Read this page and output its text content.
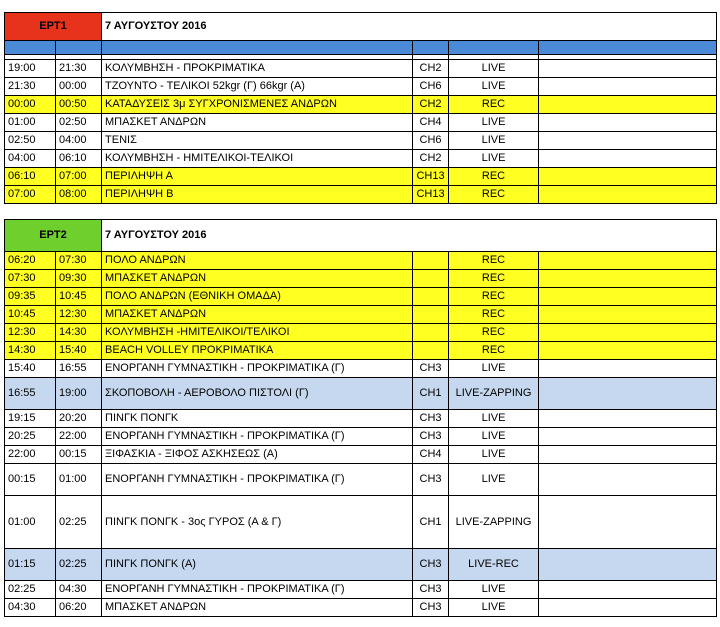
ΕΡΤ1		7 ΑΥΓΟΥΣΤΟΥ 2016			

19:00	21:30	ΚΟΛΥΜΒΗΣΗ - ΠΡΟΚΡΙΜΑΤΙΚΑ	CH2	LIVE	
21:30	00:00	ΤΖΟΥΝΤΟ - ΤΕΛΙΚΟΙ 52kgr (Γ) 66kgr (A)	CH6	LIVE	
00:00	00:50	ΚΑΤΑΔΥΣΕΙΣ 3μ ΣΥΓΧΡΟΝΙΣΜΕΝΕΣ ΑΝΔΡΩΝ	CH2	REC	
01:00	02:50	ΜΠΑΣΚΕΤ ΑΝΔΡΩΝ	CH4	LIVE	
02:50	04:00	ΤΕΝΙΣ	CH6	LIVE	
04:00	06:10	ΚΟΛΥΜΒΗΣΗ - ΗΜΙΤΕΛΙΚΟΙ-ΤΕΛΙΚΟΙ	CH2	LIVE	
06:10	07:00	ΠΕΡΙΛΗΨΗ Α	CH13	REC	
07:00	08:00	ΠΕΡΙΛΗΨΗ Β	CH13	REC	
ΕΡΤ2		7 ΑΥΓΟΥΣΤΟΥ 2016			
06:20	07:30	ΠΟΛΟ ΑΝΔΡΩΝ		REC	
07:30	09:30	ΜΠΑΣΚΕΤ ΑΝΔΡΩΝ		REC	
09:35	10:45	ΠΟΛΟ ΑΝΔΡΩΝ (ΕΘΝΙΚΗ ΟΜΑΔΑ)		REC	
10:45	12:30	ΜΠΑΣΚΕΤ ΑΝΔΡΩΝ		REC	
12:30	14:30	ΚΟΛΥΜΒΗΣΗ -ΗΜΙΤΕΛΙΚΟΙ/ΤΕΛΙΚΟΙ		REC	
14:30	15:40	BEACH VOLLEY ΠΡΟΚΡΙΜΑΤΙΚΑ		REC	
15:40	16:55	ΕΝΟΡΓΑΝΗ ΓΥΜΝΑΣΤΙΚΗ - ΠΡΟΚΡΙΜΑΤΙΚΑ (Γ)	CH3	LIVE	
16:55	19:00	ΣΚΟΠΟΒΟΛΗ - ΑΕΡΟΒΟΛΟ ΠΙΣΤΟΛΙ (Γ)	CH1	LIVE-ZAPPING	
19:15	20:20	ΠΙΝΓΚ ΠΟΝΓΚ	CH3	LIVE	
20:25	22:00	ΕΝΟΡΓΑΝΗ ΓΥΜΝΑΣΤΙΚΗ - ΠΡΟΚΡΙΜΑΤΙΚΑ (Γ)	CH3	LIVE	
22:00	00:15	ΞΙΦΑΣΚΙΑ - ΞΙΦΟΣ ΑΣΚΗΣΕΩΣ (Α)	CH4	LIVE	
00:15	01:00	ΕΝΟΡΓΑΝΗ ΓΥΜΝΑΣΤΙΚΗ - ΠΡΟΚΡΙΜΑΤΙΚΑ (Γ)	CH3	LIVE	
01:00	02:25	ΠΙΝΓΚ ΠΟΝΓΚ - 3ος ΓΥΡΟΣ (Α & Γ)	CH1	LIVE-ZAPPING	
01:15	02:25	ΠΙΝΓΚ ΠΟΝΓΚ (Α)	CH3	LIVE-REC	
02:25	04:30	ΕΝΟΡΓΑΝΗ ΓΥΜΝΑΣΤΙΚΗ - ΠΡΟΚΡΙΜΑΤΙΚΑ (Γ)	CH3	LIVE	
04:30	06:20	ΜΠΑΣΚΕΤ ΑΝΔΡΩΝ	CH3	LIVE	
